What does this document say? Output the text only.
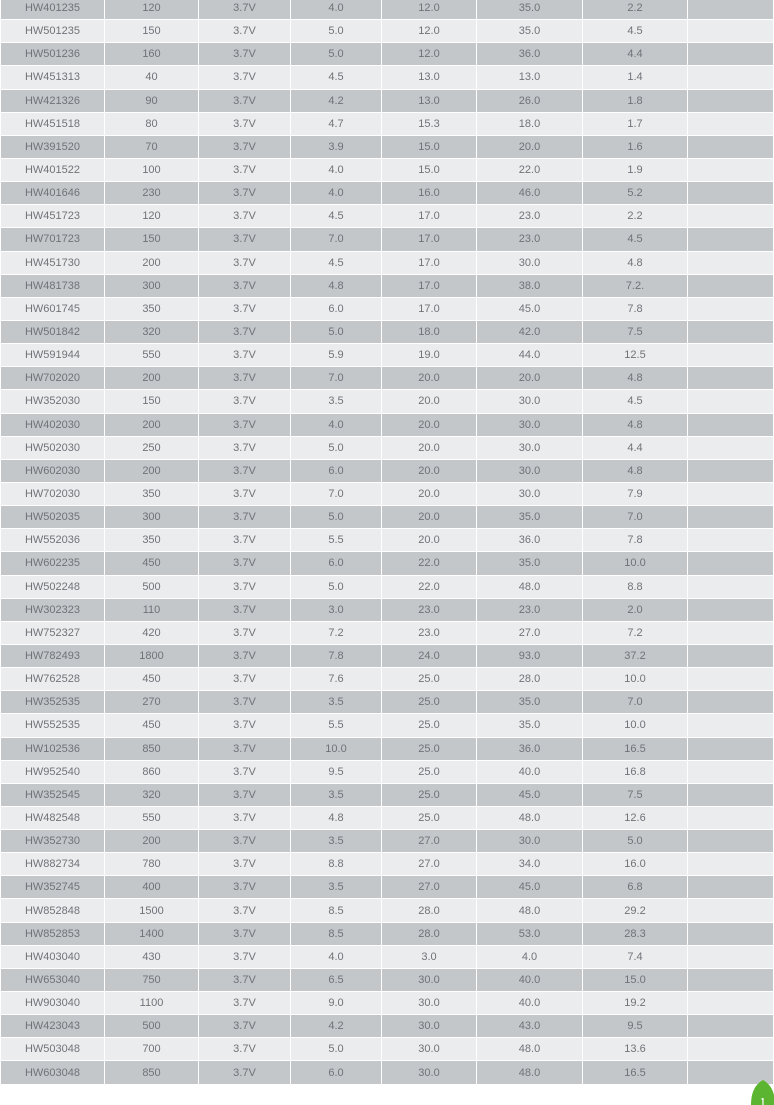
HW401235	120	3.7V	4.0	12.0	35.0	2.2	
HW501235	150	3.7V	5.0	12.0	35.0	4.5	
HW501236	160	3.7V	5.0	12.0	36.0	4.4	
HW451313	40	3.7V	4.5	13.0	13.0	1.4	
HW421326	90	3.7V	4.2	13.0	26.0	1.8	
HW451518	80	3.7V	4.7	15.3	18.0	1.7	
HW391520	70	3.7V	3.9	15.0	20.0	1.6	
HW401522	100	3.7V	4.0	15.0	22.0	1.9	
HW401646	230	3.7V	4.0	16.0	46.0	5.2	
HW451723	120	3.7V	4.5	17.0	23.0	2.2	
HW701723	150	3.7V	7.0	17.0	23.0	4.5	
HW451730	200	3.7V	4.5	17.0	30.0	4.8	
HW481738	300	3.7V	4.8	17.0	38.0	7.2.	
HW601745	350	3.7V	6.0	17.0	45.0	7.8	
HW501842	320	3.7V	5.0	18.0	42.0	7.5	
HW591944	550	3.7V	5.9	19.0	44.0	12.5	
HW702020	200	3.7V	7.0	20.0	20.0	4.8	
HW352030	150	3.7V	3.5	20.0	30.0	4.5	
HW402030	200	3.7V	4.0	20.0	30.0	4.8	
HW502030	250	3.7V	5.0	20.0	30.0	4.4	
HW602030	200	3.7V	6.0	20.0	30.0	4.8	
HW702030	350	3.7V	7.0	20.0	30.0	7.9	
HW502035	300	3.7V	5.0	20.0	35.0	7.0	
HW552036	350	3.7V	5.5	20.0	36.0	7.8	
HW602235	450	3.7V	6.0	22.0	35.0	10.0	
HW502248	500	3.7V	5.0	22.0	48.0	8.8	
HW302323	110	3.7V	3.0	23.0	23.0	2.0	
HW752327	420	3.7V	7.2	23.0	27.0	7.2	
HW782493	1800	3.7V	7.8	24.0	93.0	37.2	
HW762528	450	3.7V	7.6	25.0	28.0	10.0	
HW352535	270	3.7V	3.5	25.0	35.0	7.0	
HW552535	450	3.7V	5.5	25.0	35.0	10.0	
HW102536	850	3.7V	10.0	25.0	36.0	16.5	
HW952540	860	3.7V	9.5	25.0	40.0	16.8	
HW352545	320	3.7V	3.5	25.0	45.0	7.5	
HW482548	550	3.7V	4.8	25.0	48.0	12.6	
HW352730	200	3.7V	3.5	27.0	30.0	5.0	
HW882734	780	3.7V	8.8	27.0	34.0	16.0	
HW352745	400	3.7V	3.5	27.0	45.0	6.8	
HW852848	1500	3.7V	8.5	28.0	48.0	29.2	
HW852853	1400	3.7V	8.5	28.0	53.0	28.3	
HW403040	430	3.7V	4.0	3.0	4.0	7.4	
HW653040	750	3.7V	6.5	30.0	40.0	15.0	
HW903040	1100	3.7V	9.0	30.0	40.0	19.2	
HW423043	500	3.7V	4.2	30.0	43.0	9.5	
HW503048	700	3.7V	5.0	30.0	48.0	13.6	
HW603048	850	3.7V	6.0	30.0	48.0	16.5	
